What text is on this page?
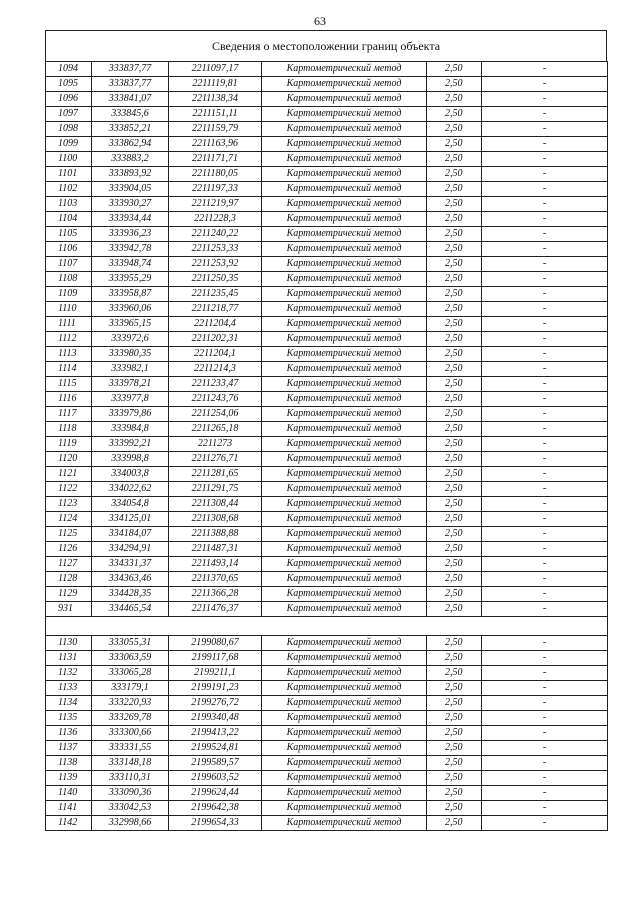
63
Сведения о местоположении границ объекта
1094	333837,77	2211097,17	Картометрический метод	2,50	-
1095	333837,77	2211119,81	Картометрический метод	2,50	-
1096	333841,07	2211138,34	Картометрический метод	2,50	-
1097	333845,6	2211151,11	Картометрический метод	2,50	-
1098	333852,21	2211159,79	Картометрический метод	2,50	-
1099	333862,94	2211163,96	Картометрический метод	2,50	-
1100	333883,2	2211171,71	Картометрический метод	2,50	-
1101	333893,92	2211180,05	Картометрический метод	2,50	-
1102	333904,05	2211197,33	Картометрический метод	2,50	-
1103	333930,27	2211219,97	Картометрический метод	2,50	-
1104	333934,44	2211228,3	Картометрический метод	2,50	-
1105	333936,23	2211240,22	Картометрический метод	2,50	-
1106	333942,78	2211253,33	Картометрический метод	2,50	-
1107	333948,74	2211253,92	Картометрический метод	2,50	-
1108	333955,29	2211250,35	Картометрический метод	2,50	-
1109	333958,87	2211235,45	Картометрический метод	2,50	-
1110	333960,06	2211218,77	Картометрический метод	2,50	-
1111	333965,15	2211204,4	Картометрический метод	2,50	-
1112	333972,6	2211202,31	Картометрический метод	2,50	-
1113	333980,35	2211204,1	Картометрический метод	2,50	-
1114	333982,1	2211214,3	Картометрический метод	2,50	-
1115	333978,21	2211233,47	Картометрический метод	2,50	-
1116	333977,8	2211243,76	Картометрический метод	2,50	-
1117	333979,86	2211254,06	Картометрический метод	2,50	-
1118	333984,8	2211265,18	Картометрический метод	2,50	-
1119	333992,21	2211273	Картометрический метод	2,50	-
1120	333998,8	2211276,71	Картометрический метод	2,50	-
1121	334003,8	2211281,65	Картометрический метод	2,50	-
1122	334022,62	2211291,75	Картометрический метод	2,50	-
1123	334054,8	2211308,44	Картометрический метод	2,50	-
1124	334125,01	2211308,68	Картометрический метод	2,50	-
1125	334184,07	2211388,88	Картометрический метод	2,50	-
1126	334294,91	2211487,31	Картометрический метод	2,50	-
1127	334331,37	2211493,14	Картометрический метод	2,50	-
1128	334363,46	2211370,65	Картометрический метод	2,50	-
1129	334428,35	2211366,28	Картометрический метод	2,50	-
931	334465,54	2211476,37	Картометрический метод	2,50	-

1130	333055,31	2199080,67	Картометрический метод	2,50	-
1131	333063,59	2199117,68	Картометрический метод	2,50	-
1132	333065,28	2199211,1	Картометрический метод	2,50	-
1133	333179,1	2199191,23	Картометрический метод	2,50	-
1134	333220,93	2199276,72	Картометрический метод	2,50	-
1135	333269,78	2199340,48	Картометрический метод	2,50	-
1136	333300,66	2199413,22	Картометрический метод	2,50	-
1137	333331,55	2199524,81	Картометрический метод	2,50	-
1138	333148,18	2199589,57	Картометрический метод	2,50	-
1139	333110,31	2199603,52	Картометрический метод	2,50	-
1140	333090,36	2199624,44	Картометрический метод	2,50	-
1141	333042,53	2199642,38	Картометрический метод	2,50	-
1142	332998,66	2199654,33	Картометрический метод	2,50	-
